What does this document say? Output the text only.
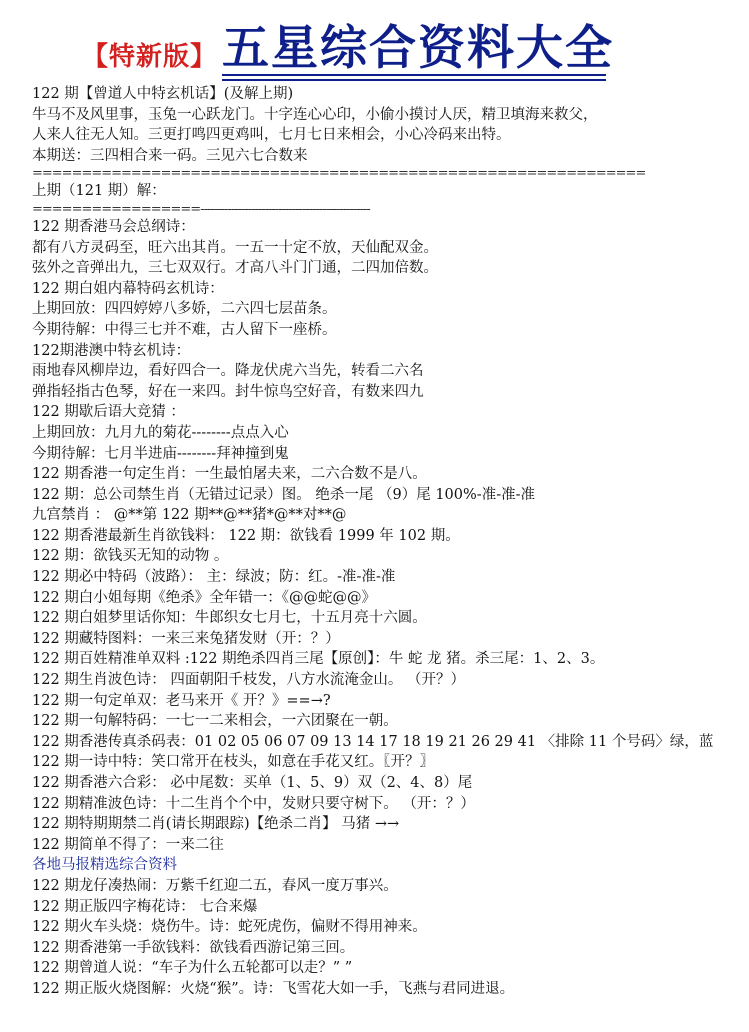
【特新版】 五星综合资料大全
122 期【曾道人中特玄机话】(及解上期)
牛马不及风里事，玉兔一心跃龙门。十字连心心印，小偷小摸讨人厌，精卫填海来救父，
人来人往无人知。三更打鸣四更鸡叫，七月七日来相会，小心冷码来出特。
本期送：三四相合来一码。三见六七合数来
==============================================================
上期（121 期）解：
=================--------------------------------------------------
122 期香港马会总纲诗：
都有八方灵码至，旺六出其肖。一五一十定不放，天仙配双金。
弦外之音弹出九，三七双双行。才高八斗门门通，二四加倍数。
122 期白姐内幕特码玄机诗：
上期回放：四四婷婷八多娇，二六四七层苗条。
今期待解：中得三七并不难，古人留下一座桥。
122期港澳中特玄机诗：
雨地春风柳岸边，看好四合一。降龙伏虎六当先，转看二六名
弹指轻指古色琴，好在一来四。封牛惊鸟空好音，有数来四九
122 期歇后语大竞猜 ：
上期回放：九月九的菊花--------点点入心
今期待解：七月半进庙--------拜神撞到鬼
122 期香港一句定生肖：一生最怕屠夫来，二六合数不是八。
122 期：总公司禁生肖（无错过记录）图。 绝杀一尾 （9）尾 100%-准-准-准
九宫禁肖 ： @**第 122 期**@**猪*@**对**@
122 期香港最新生肖欲钱料： 122 期：欲钱看 1999 年 102 期。
122 期：欲钱买无知的动物 。
122 期必中特码（波路）： 主：绿波；防：红。-准-准-准
122 期白小姐每期《绝杀》全年错一：《@@蛇@@》
122 期白姐梦里话你知：牛郎织女七月七，十五月亮十六圆。
122 期藏特图料：一来三来兔猪发财（开：？）
122 期百姓精准单双料 :122 期绝杀四肖三尾【原创】：牛 蛇 龙 猪。杀三尾：1、2、3。
122 期生肖波色诗： 四面朝阳千枝发，八方水流淹金山。 （开？）
122 期一句定单双：老马来开《 开？》==→?
122 期一句解特码：一七一二来相会，一六团聚在一朝。
122 期香港传真杀码表：01 02 05 06 07 09 13 14 17 18 19 21 26 29 41 〈排除 11 个号码〉绿，蓝
122 期一诗中特：笑口常开在枝头，如意在手花又红。〖开？〗
122 期香港六合彩： 必中尾数：买单（1、5、9）双（2、4、8）尾
122 期精准波色诗：十二生肖个个中，发财只要守树下。 （开：？）
122 期特期期禁二肖(请长期跟踪)【绝杀二肖】 马猪 →→
122 期简单不得了：一来二往
各地马报精选综合资料
122 期龙仔凑热闹：万紫千红迎二五，春风一度万事兴。
122 期正版四字梅花诗： 七合来爆
122 期火车头烧：烧伤牛。诗：蛇死虎伤，偏财不得用神来。
122 期香港第一手欲钱料：欲钱看西游记第三回。
122 期曾道人说：“车子为什么五轮都可以走？” ”
122 期正版火烧图解：火烧“猴”。诗：飞雪花大如一手，飞燕与君同进退。
